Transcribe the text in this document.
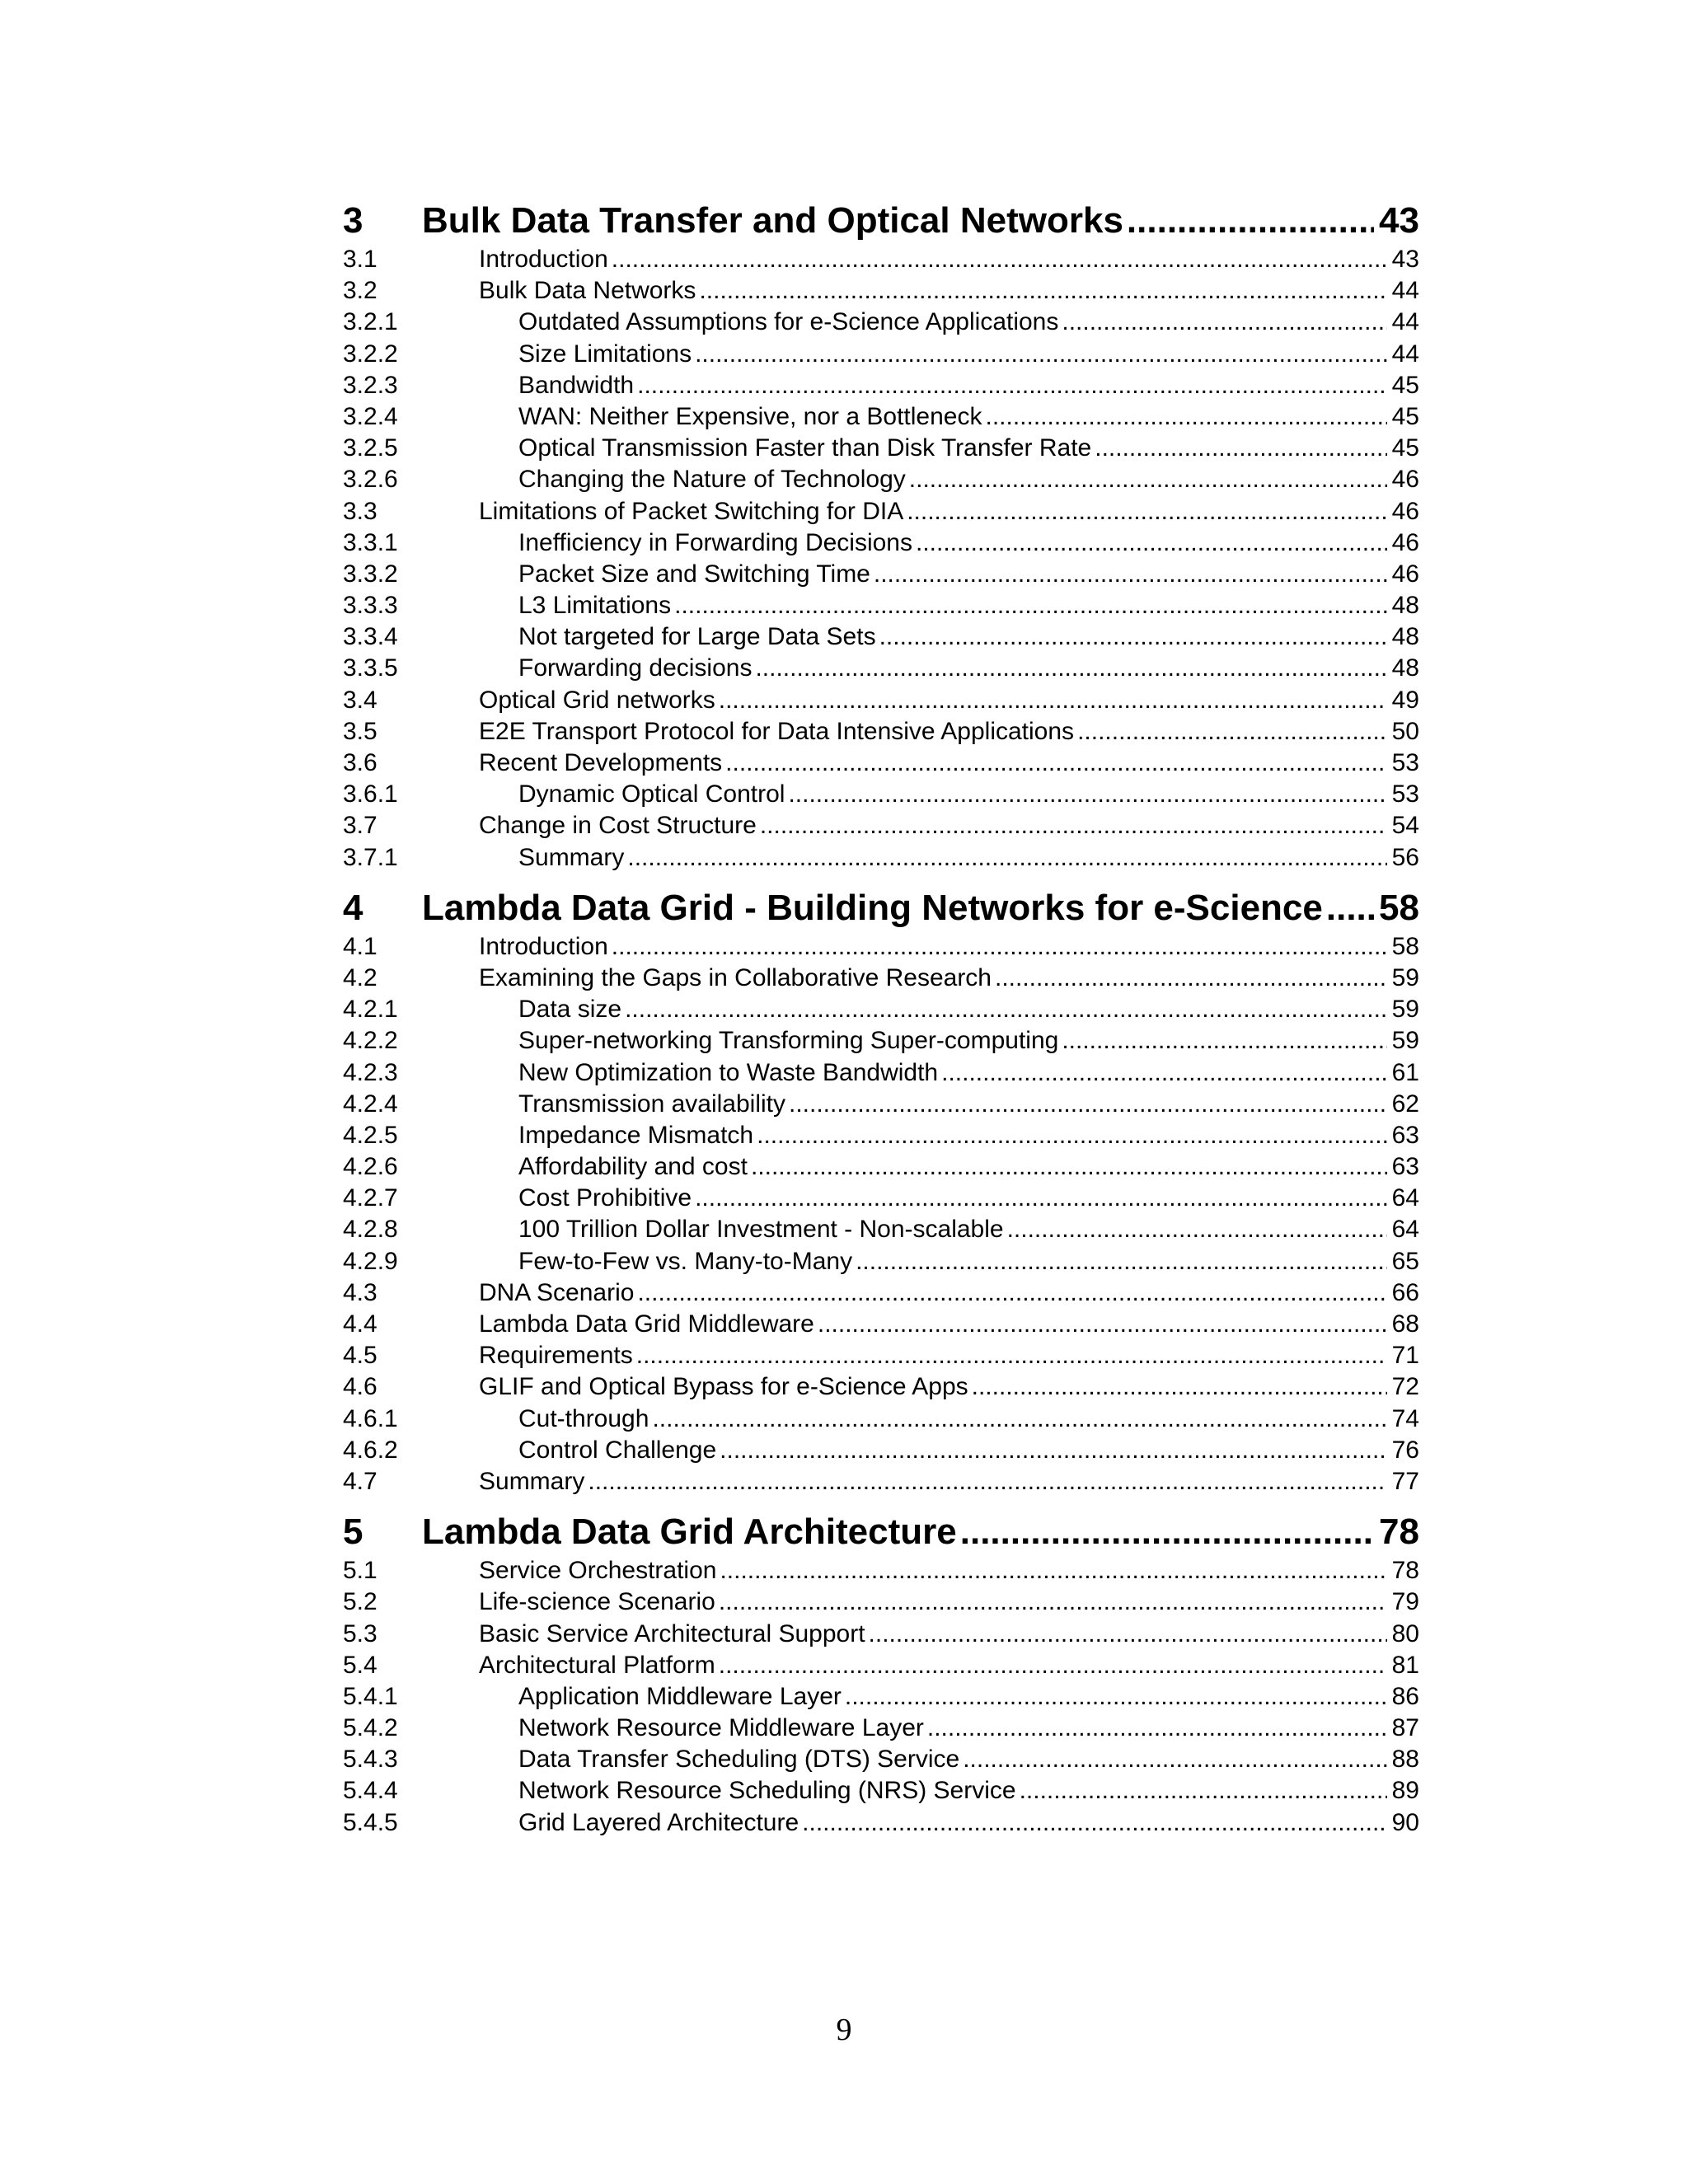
3	Bulk Data Transfer and Optical Networks .....	43
3.1	Introduction .....	43
3.2	Bulk Data Networks .....	44
3.2.1	Outdated Assumptions for e-Science Applications .....	44
3.2.2	Size Limitations .....	44
3.2.3	Bandwidth .....	45
3.2.4	WAN: Neither Expensive, nor a Bottleneck .....	45
3.2.5	Optical Transmission Faster than Disk Transfer Rate .....	45
3.2.6	Changing the Nature of Technology .....	46
3.3	Limitations of Packet Switching for DIA .....	46
3.3.1	Inefficiency in Forwarding Decisions .....	46
3.3.2	Packet Size and Switching Time .....	46
3.3.3	L3 Limitations .....	48
3.3.4	Not targeted for Large Data Sets .....	48
3.3.5	Forwarding decisions .....	48
3.4	Optical Grid networks .....	49
3.5	E2E Transport Protocol for Data Intensive Applications .....	50
3.6	Recent Developments .....	53
3.6.1	Dynamic Optical Control .....	53
3.7	Change in Cost Structure .....	54
3.7.1	Summary .....	56
4	Lambda Data Grid - Building Networks for e-Science ..... 58
4.1	Introduction .....	58
4.2	Examining the Gaps in Collaborative Research .....	59
4.2.1	Data size .....	59
4.2.2	Super-networking Transforming Super-computing .....	59
4.2.3	New Optimization to Waste Bandwidth .....	61
4.2.4	Transmission availability .....	62
4.2.5	Impedance Mismatch .....	63
4.2.6	Affordability and cost .....	63
4.2.7	Cost Prohibitive .....	64
4.2.8	100 Trillion Dollar Investment - Non-scalable .....	64
4.2.9	Few-to-Few vs. Many-to-Many .....	65
4.3	DNA Scenario .....	66
4.4	Lambda Data Grid Middleware .....	68
4.5	Requirements .....	71
4.6	GLIF and Optical Bypass for e-Science Apps .....	72
4.6.1	Cut-through .....	74
4.6.2	Control Challenge .....	76
4.7	Summary .....	77
5	Lambda Data Grid Architecture .....	78
5.1	Service Orchestration .....	78
5.2	Life-science Scenario .....	79
5.3	Basic Service Architectural Support .....	80
5.4	Architectural Platform .....	81
5.4.1	Application Middleware Layer .....	86
5.4.2	Network Resource Middleware Layer .....	87
5.4.3	Data Transfer Scheduling (DTS) Service .....	88
5.4.4	Network Resource Scheduling (NRS) Service .....	89
5.4.5	Grid Layered Architecture .....	90
9
